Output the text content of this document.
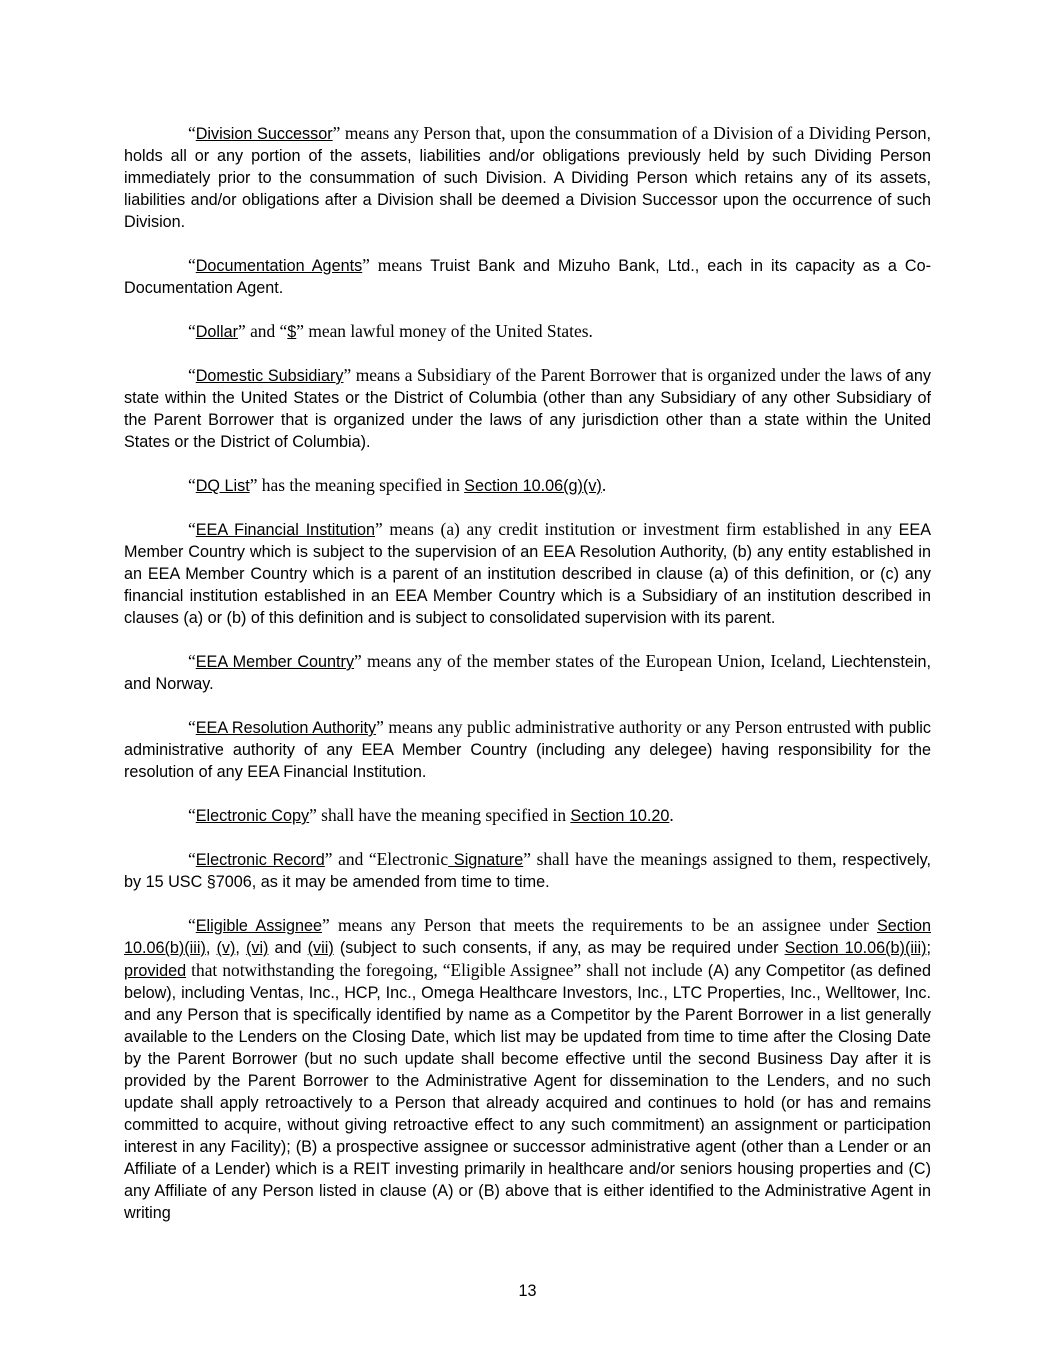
“Division Successor” means any Person that, upon the consummation of a Division of a Dividing Person, holds all or any portion of the assets, liabilities and/or obligations previously held by such Dividing Person immediately prior to the consummation of such Division. A Dividing Person which retains any of its assets, liabilities and/or obligations after a Division shall be deemed a Division Successor upon the occurrence of such Division.

“Documentation Agents” means Truist Bank and Mizuho Bank, Ltd., each in its capacity as a Co-Documentation Agent.

“Dollar” and “$” mean lawful money of the United States.

“Domestic Subsidiary” means a Subsidiary of the Parent Borrower that is organized under the laws of any state within the United States or the District of Columbia (other than any Subsidiary of any other Subsidiary of the Parent Borrower that is organized under the laws of any jurisdiction other than a state within the United States or the District of Columbia).

“DQ List” has the meaning specified in Section 10.06(g)(v).

“EEA Financial Institution” means (a) any credit institution or investment firm established in any EEA Member Country which is subject to the supervision of an EEA Resolution Authority, (b) any entity established in an EEA Member Country which is a parent of an institution described in clause (a) of this definition, or (c) any financial institution established in an EEA Member Country which is a Subsidiary of an institution described in clauses (a) or (b) of this definition and is subject to consolidated supervision with its parent.

“EEA Member Country” means any of the member states of the European Union, Iceland, Liechtenstein, and Norway.

“EEA Resolution Authority” means any public administrative authority or any Person entrusted with public administrative authority of any EEA Member Country (including any delegee) having responsibility for the resolution of any EEA Financial Institution.

“Electronic Copy” shall have the meaning specified in Section 10.20.

“Electronic Record” and “Electronic Signature” shall have the meanings assigned to them, respectively, by 15 USC §7006, as it may be amended from time to time.

“Eligible Assignee” means any Person that meets the requirements to be an assignee under Section 10.06(b)(iii), (v), (vi) and (vii) (subject to such consents, if any, as may be required under Section 10.06(b)(iii); provided that notwithstanding the foregoing, “Eligible Assignee” shall not include (A) any Competitor (as defined below), including Ventas, Inc., HCP, Inc., Omega Healthcare Investors, Inc., LTC Properties, Inc., Welltower, Inc. and any Person that is specifically identified by name as a Competitor by the Parent Borrower in a list generally available to the Lenders on the Closing Date, which list may be updated from time to time after the Closing Date by the Parent Borrower (but no such update shall become effective until the second Business Day after it is provided by the Parent Borrower to the Administrative Agent for dissemination to the Lenders, and no such update shall apply retroactively to a Person that already acquired and continues to hold (or has and remains committed to acquire, without giving retroactive effect to any such commitment) an assignment or participation interest in any Facility); (B) a prospective assignee or successor administrative agent (other than a Lender or an Affiliate of a Lender) which is a REIT investing primarily in healthcare and/or seniors housing properties and (C) any Affiliate of any Person listed in clause (A) or (B) above that is either identified to the Administrative Agent in writing

13
